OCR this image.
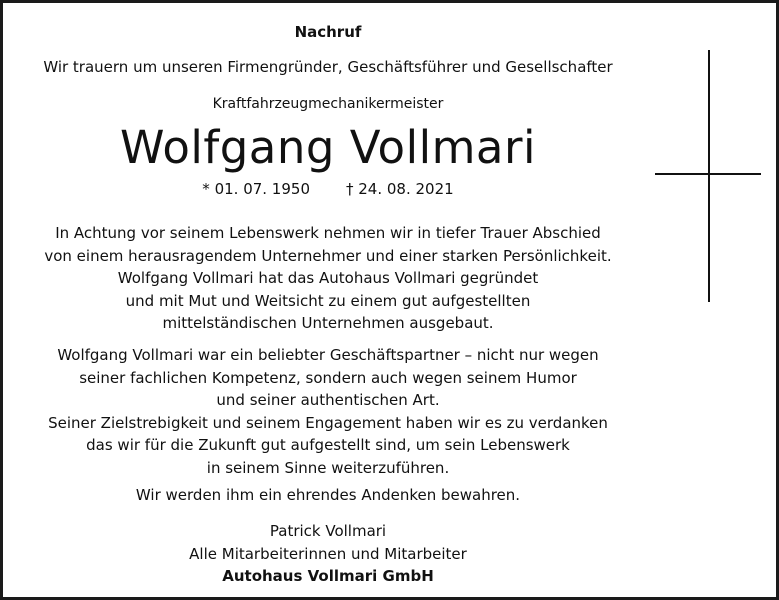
Nachruf
Wir trauern um unseren Firmengründer, Geschäftsführer und Gesellschafter
Kraftfahrzeugmechanikermeister
Wolfgang Vollmari
* 01. 07. 1950 † 24. 08. 2021
In Achtung vor seinem Lebenswerk nehmen wir in tiefer Trauer Abschied
von einem herausragendem Unternehmer und einer starken Persönlichkeit.
Wolfgang Vollmari hat das Autohaus Vollmari gegründet
und mit Mut und Weitsicht zu einem gut aufgestellten
mittelständischen Unternehmen ausgebaut.
Wolfgang Vollmari war ein beliebter Geschäftspartner – nicht nur wegen
seiner fachlichen Kompetenz, sondern auch wegen seinem Humor
und seiner authentischen Art.
Seiner Zielstrebigkeit und seinem Engagement haben wir es zu verdanken
das wir für die Zukunft gut aufgestellt sind, um sein Lebenswerk
in seinem Sinne weiterzuführen.
Wir werden ihm ein ehrendes Andenken bewahren.
Patrick Vollmari
Alle Mitarbeiterinnen und Mitarbeiter
Autohaus Vollmari GmbH
